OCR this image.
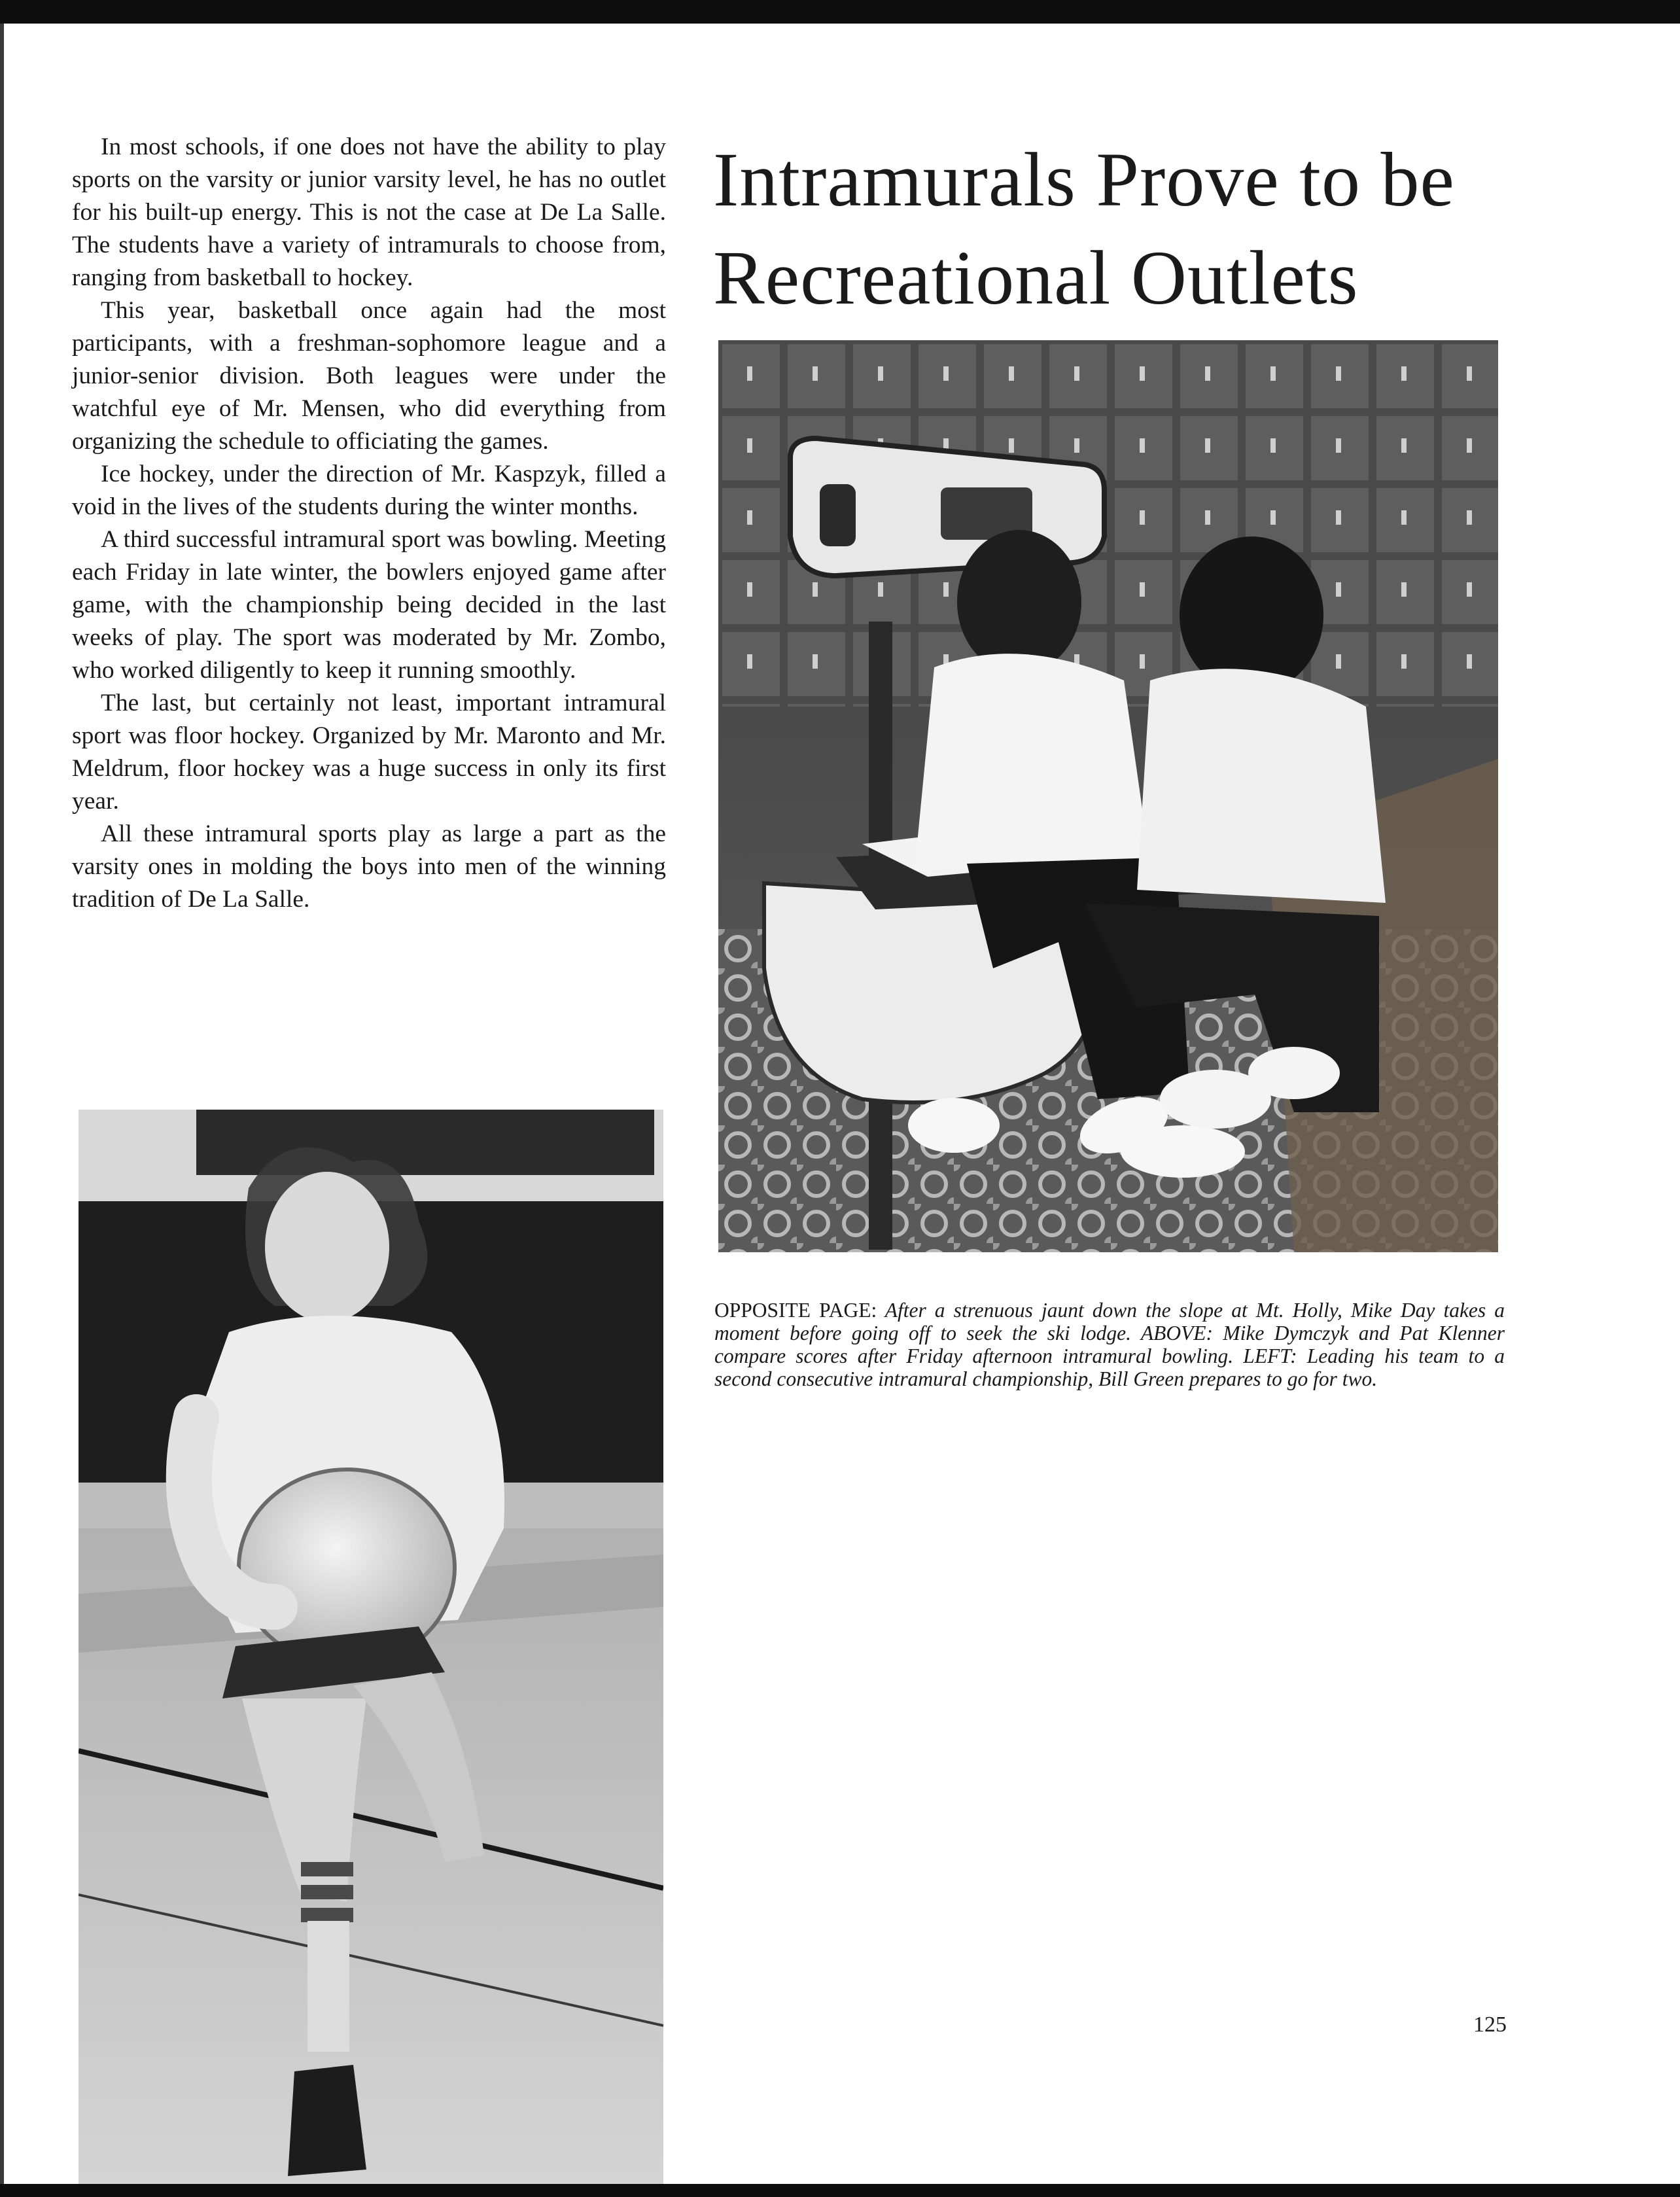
In most schools, if one does not have the ability to play sports on the varsity or junior varsity level, he has no outlet for his built-up energy. This is not the case at De La Salle. The students have a variety of intramurals to choose from, ranging from basketball to hockey.

This year, basketball once again had the most participants, with a freshman-sophomore league and a junior-senior division. Both leagues were under the watchful eye of Mr. Mensen, who did everything from organizing the schedule to officiating the games.

Ice hockey, under the direction of Mr. Kaspzyk, filled a void in the lives of the students during the winter months.

A third successful intramural sport was bowling. Meeting each Friday in late winter, the bowlers enjoyed game after game, with the championship being decided in the last weeks of play. The sport was moderated by Mr. Zombo, who worked diligently to keep it running smoothly.

The last, but certainly not least, important intramural sport was floor hockey. Organized by Mr. Maronto and Mr. Meldrum, floor hockey was a huge success in only its first year.

All these intramural sports play as large a part as the varsity ones in molding the boys into men of the winning tradition of De La Salle.

Intramurals Prove to be Recreational Outlets

OPPOSITE PAGE: After a strenuous jaunt down the slope at Mt. Holly, Mike Day takes a moment before going off to seek the ski lodge. ABOVE: Mike Dymczyk and Pat Klenner compare scores after Friday afternoon intramural bowling. LEFT: Leading his team to a second consecutive intramural championship, Bill Green prepares to go for two.

125
